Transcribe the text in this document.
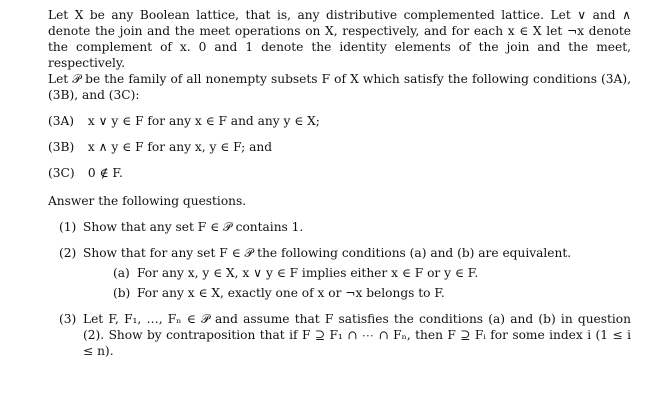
Let X be any Boolean lattice, that is, any distributive complemented lattice. Let ∨ and ∧ denote the join and the meet operations on X, respectively, and for each x ∈ X let ¬x denote the complement of x. 0 and 1 denote the identity elements of the join and the meet, respectively.

Let 𝒫 be the family of all nonempty subsets F of X which satisfy the following conditions (3A), (3B), and (3C):

(3A) x ∨ y ∈ F for any x ∈ F and any y ∈ X;
(3B) x ∧ y ∈ F for any x, y ∈ F; and
(3C) 0 ∉ F.

Answer the following questions.

(1) Show that any set F ∈ 𝒫 contains 1.
(2) Show that for any set F ∈ 𝒫 the following conditions (a) and (b) are equivalent.
(a) For any x, y ∈ X, x ∨ y ∈ F implies either x ∈ F or y ∈ F.
(b) For any x ∈ X, exactly one of x or ¬x belongs to F.
(3) Let F, F₁, …, Fₙ ∈ 𝒫 and assume that F satisfies the conditions (a) and (b) in question (2). Show by contraposition that if F ⊇ F₁ ∩ ⋯ ∩ Fₙ, then F ⊇ Fᵢ for some index i (1 ≤ i ≤ n).
